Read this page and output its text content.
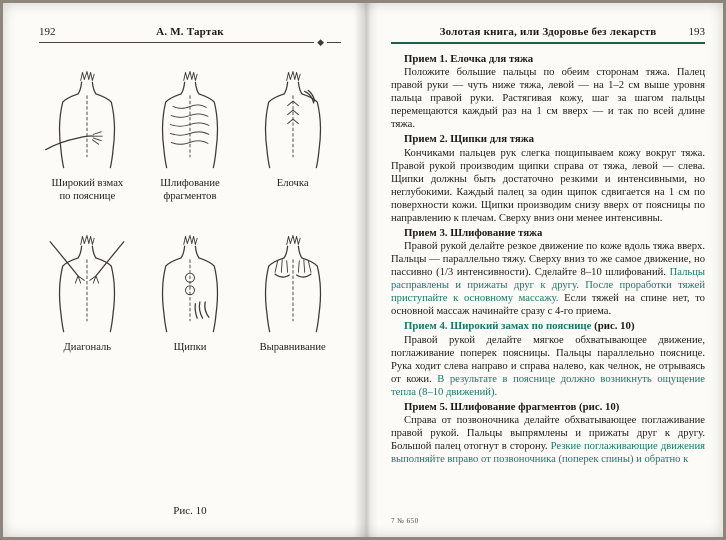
192	А. М. Тартак
◆
Широкий взмах
по пояснице
Шлифование
фрагментов
Елочка
Диагональ	Щипки	Выравнивание
Рис. 10
Золотая книга, или Здоровье без лекарств	193
Прием 1. Елочка для тяжа

Положите большие пальцы по обеим сторонам тяжа. Палец правой руки — чуть ниже тяжа, левой — на 1–2 см выше уровня пальца правой руки. Растягивая кожу, шаг за шагом пальцы перемещаются каждый раз на 1 см вверх — и так по всей длине тяжа.

Прием 2. Щипки для тяжа

Кончиками пальцев рук слегка пощипываем кожу вокруг тяжа. Правой рукой производим щипки справа от тяжа, левой — слева. Щипки должны быть достаточно резкими и интенсивными, но неглубокими. Каждый палец за один щипок сдвигается на 1 см по поверхности кожи. Щипки производим снизу вверх от поясницы по направлению к плечам. Сверху вниз они менее интенсивны.

Прием 3. Шлифование тяжа

Правой рукой делайте резкое движение по коже вдоль тяжа вверх. Пальцы — параллельно тяжу. Сверху вниз то же самое движение, но пассивно (1/3 интенсивности). Сделайте 8–10 шлифований. Пальцы расправлены и прижаты друг к другу. После проработки тяжей приступайте к основному массажу. Если тяжей на спине нет, то основной массаж начинайте сразу с 4-го приема.

Прием 4. Широкий замах по пояснице (рис. 10)

Правой рукой делайте мягкое обхватывающее движение, поглаживание поперек поясницы. Пальцы параллельно пояснице. Рука ходит слева направо и справа налево, как челнок, не отрываясь от кожи. В результате в пояснице должно возникнуть ощущение тепла (8–10 движений).

Прием 5. Шлифование фрагментов (рис. 10)

Справа от позвоночника делайте обхватывающее поглаживание правой рукой. Пальцы выпрямлены и прижаты друг к другу. Большой палец отогнут в сторону. Резкие поглаживающие движения выполняйте вправо от позвоночника (поперек спины) и обратно к

7 № 650
